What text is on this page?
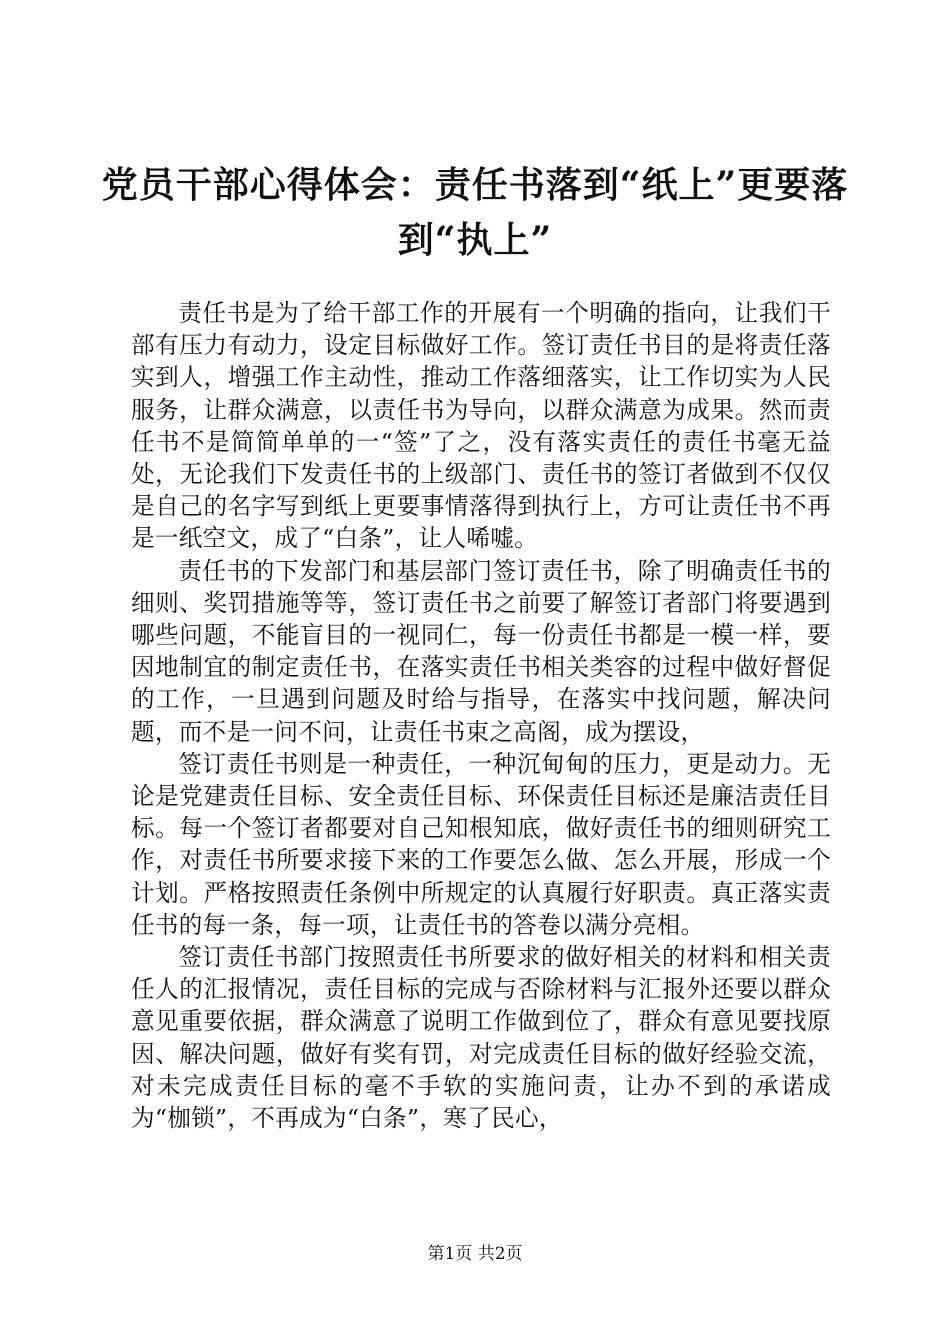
党员干部心得体会：责任书落到“纸上”更要落到“执上”

责任书是为了给干部工作的开展有一个明确的指向，让我们干部有压力有动力，设定目标做好工作。签订责任书目的是将责任落实到人，增强工作主动性，推动工作落细落实，让工作切实为人民服务，让群众满意，以责任书为导向，以群众满意为成果。然而责任书不是简简单单的一“签”了之，没有落实责任的责任书毫无益处，无论我们下发责任书的上级部门、责任书的签订者做到不仅仅是自己的名字写到纸上更要事情落得到执行上，方可让责任书不再是一纸空文，成了“白条”，让人唏嘘。

责任书的下发部门和基层部门签订责任书，除了明确责任书的细则、奖罚措施等等，签订责任书之前要了解签订者部门将要遇到哪些问题，不能盲目的一视同仁，每一份责任书都是一模一样，要因地制宜的制定责任书，在落实责任书相关类容的过程中做好督促的工作，一旦遇到问题及时给与指导，在落实中找问题，解决问题，而不是一问不问，让责任书束之高阁，成为摆设，

签订责任书则是一种责任，一种沉甸甸的压力，更是动力。无论是党建责任目标、安全责任目标、环保责任目标还是廉洁责任目标。每一个签订者都要对自己知根知底，做好责任书的细则研究工作，对责任书所要求接下来的工作要怎么做、怎么开展，形成一个计划。严格按照责任条例中所规定的认真履行好职责。真正落实责任书的每一条，每一项，让责任书的答卷以满分亮相。

签订责任书部门按照责任书所要求的做好相关的材料和相关责任人的汇报情况，责任目标的完成与否除材料与汇报外还要以群众意见重要依据，群众满意了说明工作做到位了，群众有意见要找原因、解决问题，做好有奖有罚，对完成责任目标的做好经验交流，对未完成责任目标的毫不手软的实施问责，让办不到的承诺成为“枷锁”，不再成为“白条”，寒了民心，

第1页 共2页
